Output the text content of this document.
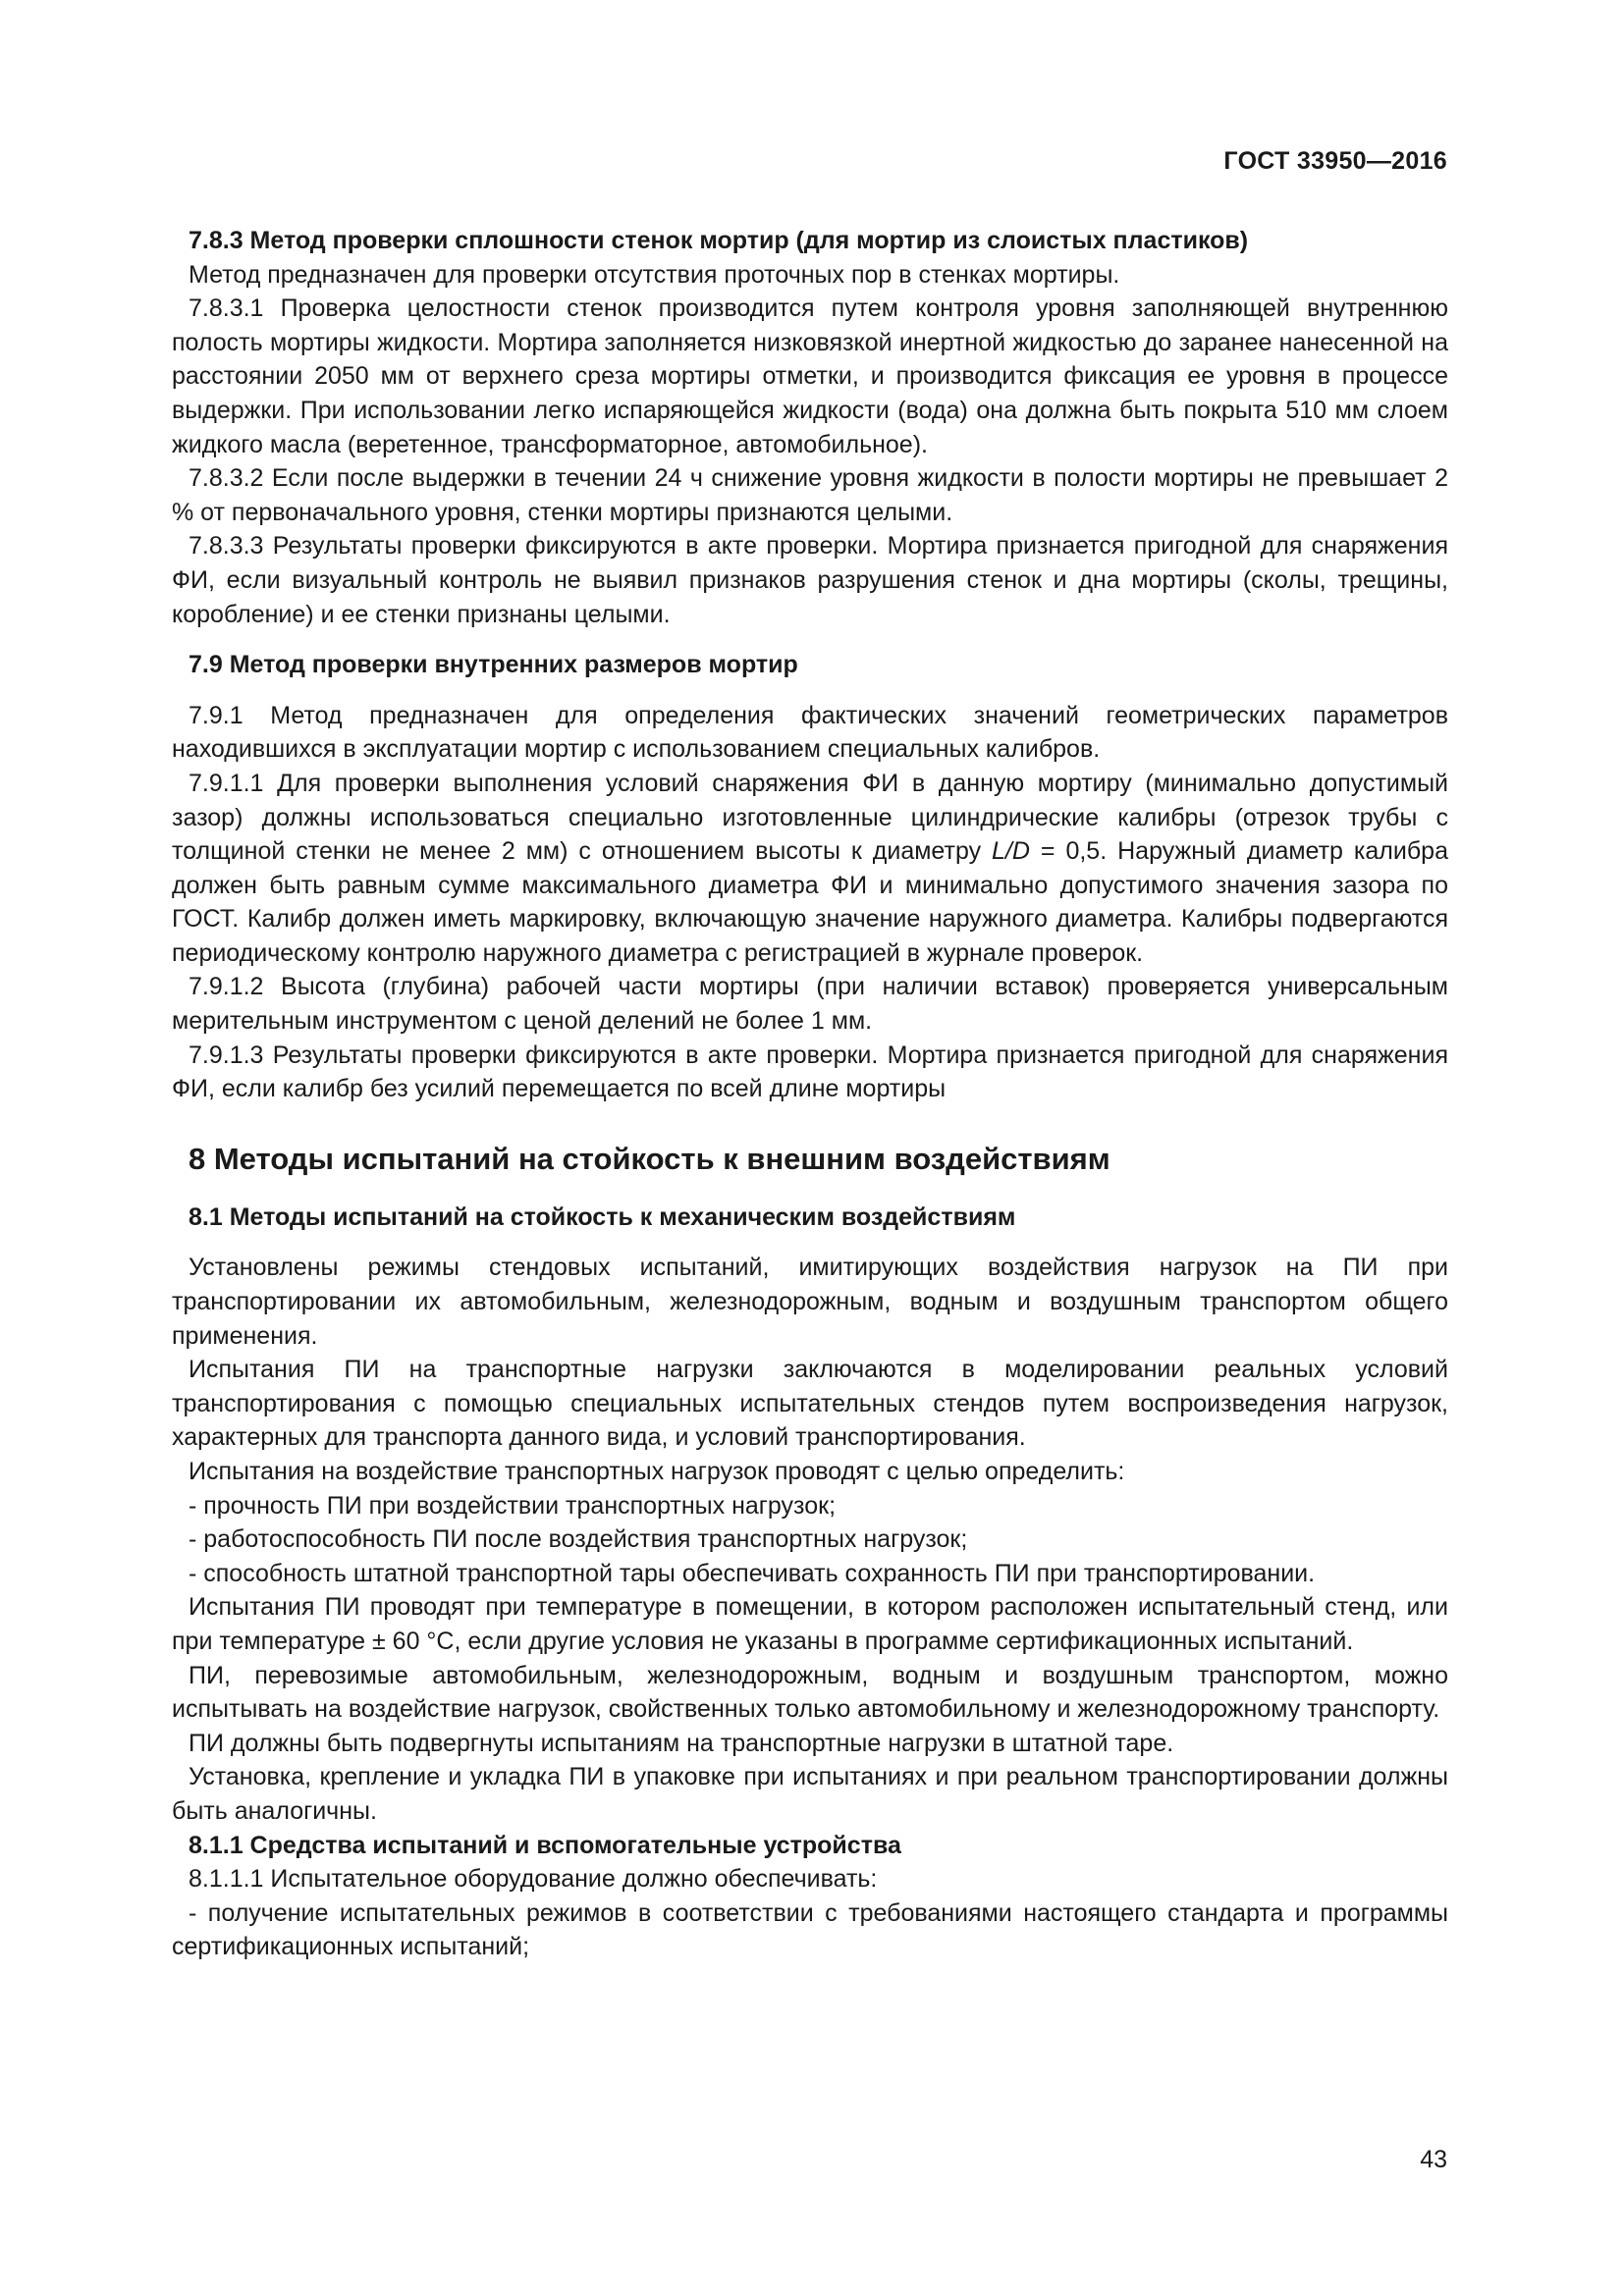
ГОСТ 33950—2016
7.8.3 Метод проверки сплошности стенок мортир (для мортир из слоистых пластиков)

Метод предназначен для проверки отсутствия проточных пор в стенках мортиры.

7.8.3.1 Проверка целостности стенок производится путем контроля уровня заполняющей внутреннюю полость мортиры жидкости. Мортира заполняется низковязкой инертной жидкостью до заранее нанесенной на расстоянии 2050 мм от верхнего среза мортиры отметки, и производится фиксация ее уровня в процессе выдержки. При использовании легко испаряющейся жидкости (вода) она должна быть покрыта 510 мм слоем жидкого масла (веретенное, трансформаторное, автомобильное).

7.8.3.2 Если после выдержки в течении 24 ч снижение уровня жидкости в полости мортиры не превышает 2 % от первоначального уровня, стенки мортиры признаются целыми.

7.8.3.3 Результаты проверки фиксируются в акте проверки. Мортира признается пригодной для снаряжения ФИ, если визуальный контроль не выявил признаков разрушения стенок и дна мортиры (сколы, трещины, коробление) и ее стенки признаны целыми.

7.9 Метод проверки внутренних размеров мортир

7.9.1 Метод предназначен для определения фактических значений геометрических параметров находившихся в эксплуатации мортир с использованием специальных калибров.

7.9.1.1 Для проверки выполнения условий снаряжения ФИ в данную мортиру (минимально допустимый зазор) должны использоваться специально изготовленные цилиндрические калибры (отрезок трубы с толщиной стенки не менее 2 мм) с отношением высоты к диаметру L/D = 0,5. Наружный диаметр калибра должен быть равным сумме максимального диаметра ФИ и минимально допустимого значения зазора по ГОСТ. Калибр должен иметь маркировку, включающую значение наружного диаметра. Калибры подвергаются периодическому контролю наружного диаметра с регистрацией в журнале проверок.

7.9.1.2 Высота (глубина) рабочей части мортиры (при наличии вставок) проверяется универсальным мерительным инструментом с ценой делений не более 1 мм.

7.9.1.3 Результаты проверки фиксируются в акте проверки. Мортира признается пригодной для снаряжения ФИ, если калибр без усилий перемещается по всей длине мортиры

8 Методы испытаний на стойкость к внешним воздействиям
8.1 Методы испытаний на стойкость к механическим воздействиям

Установлены режимы стендовых испытаний, имитирующих воздействия нагрузок на ПИ при транспортировании их автомобильным, железнодорожным, водным и воздушным транспортом общего применения.

Испытания ПИ на транспортные нагрузки заключаются в моделировании реальных условий транспортирования с помощью специальных испытательных стендов путем воспроизведения нагрузок, характерных для транспорта данного вида, и условий транспортирования.

Испытания на воздействие транспортных нагрузок проводят с целью определить:

- прочность ПИ при воздействии транспортных нагрузок;

- работоспособность ПИ после воздействия транспортных нагрузок;

- способность штатной транспортной тары обеспечивать сохранность ПИ при транспортировании.

Испытания ПИ проводят при температуре в помещении, в котором расположен испытательный стенд, или при температуре ± 60 °С, если другие условия не указаны в программе сертификационных испытаний.

ПИ, перевозимые автомобильным, железнодорожным, водным и воздушным транспортом, можно испытывать на воздействие нагрузок, свойственных только автомобильному и железнодорожному транспорту.

ПИ должны быть подвергнуты испытаниям на транспортные нагрузки в штатной таре.

Установка, крепление и укладка ПИ в упаковке при испытаниях и при реальном транспортировании должны быть аналогичны.

8.1.1 Средства испытаний и вспомогательные устройства

8.1.1.1 Испытательное оборудование должно обеспечивать:

- получение испытательных режимов в соответствии с требованиями настоящего стандарта и программы сертификационных испытаний;

43
